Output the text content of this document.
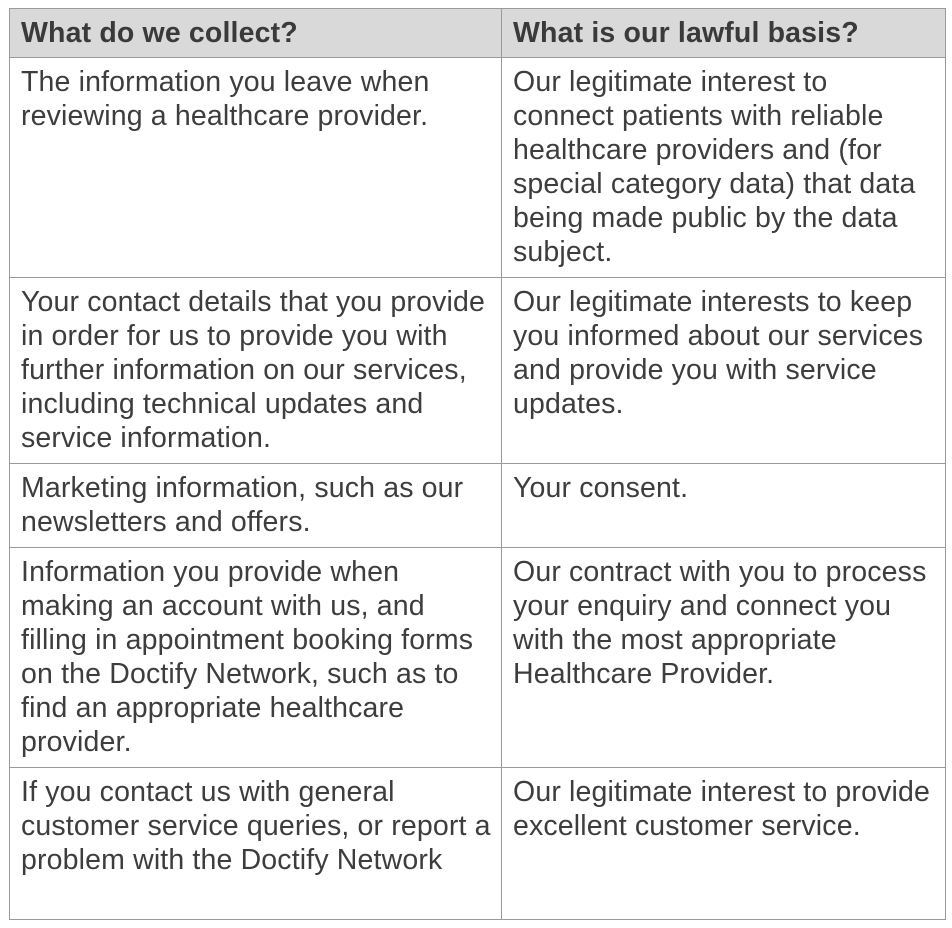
What do we collect?	What is our lawful basis?
The information you leave when reviewing a healthcare provider.	Our legitimate interest to connect patients with reliable healthcare providers and (for special category data) that data being made public by the data subject.
Your contact details that you provide in order for us to provide you with further information on our services, including technical updates and service information.	Our legitimate interests to keep you informed about our services and provide you with service updates.
Marketing information, such as our newsletters and offers.	Your consent.
Information you provide when making an account with us, and filling in appointment booking forms on the Doctify Network, such as to find an appropriate healthcare provider.	Our contract with you to process your enquiry and connect you with the most appropriate Healthcare Provider.
If you contact us with general customer service queries, or report a problem with the Doctify Network	Our legitimate interest to provide excellent customer service.
